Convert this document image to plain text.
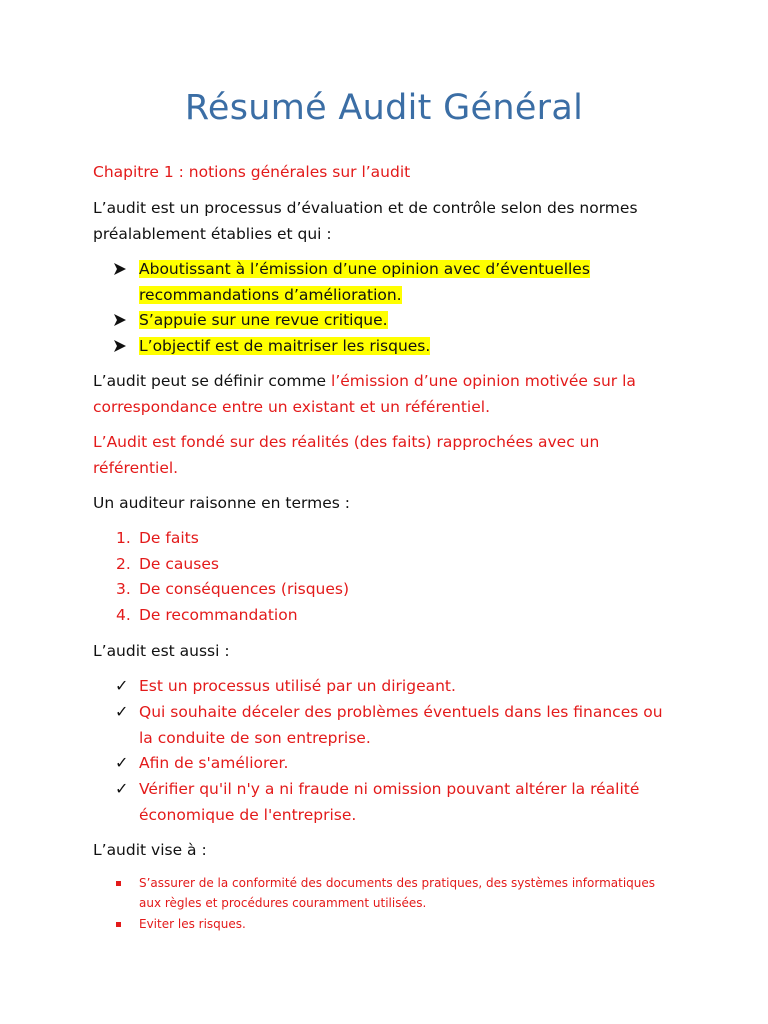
Résumé Audit Général
Chapitre 1 : notions générales sur l’audit
L’audit est un processus d’évaluation et de contrôle selon des normes
préalablement établies et qui :
Aboutissant à l’émission d’une opinion avec d’éventuelles
recommandations d’amélioration.
S’appuie sur une revue critique.
L’objectif est de maitriser les risques.
L’audit peut se définir comme l’émission d’une opinion motivée sur la
correspondance entre un existant et un référentiel.
L’Audit est fondé sur des réalités (des faits) rapprochées avec un
référentiel.
Un auditeur raisonne en termes :
1. De faits
2. De causes
3. De conséquences (risques)
4. De recommandation
L’audit est aussi :
✓ Est un processus utilisé par un dirigeant.
✓ Qui souhaite déceler des problèmes éventuels dans les finances ou
la conduite de son entreprise.
✓ Afin de s'améliorer.
✓ Vérifier qu'il n'y a ni fraude ni omission pouvant altérer la réalité
économique de l'entreprise.
L’audit vise à :
S’assurer de la conformité des documents des pratiques, des systèmes informatiques
aux règles et procédures couramment utilisées.
Eviter les risques.
